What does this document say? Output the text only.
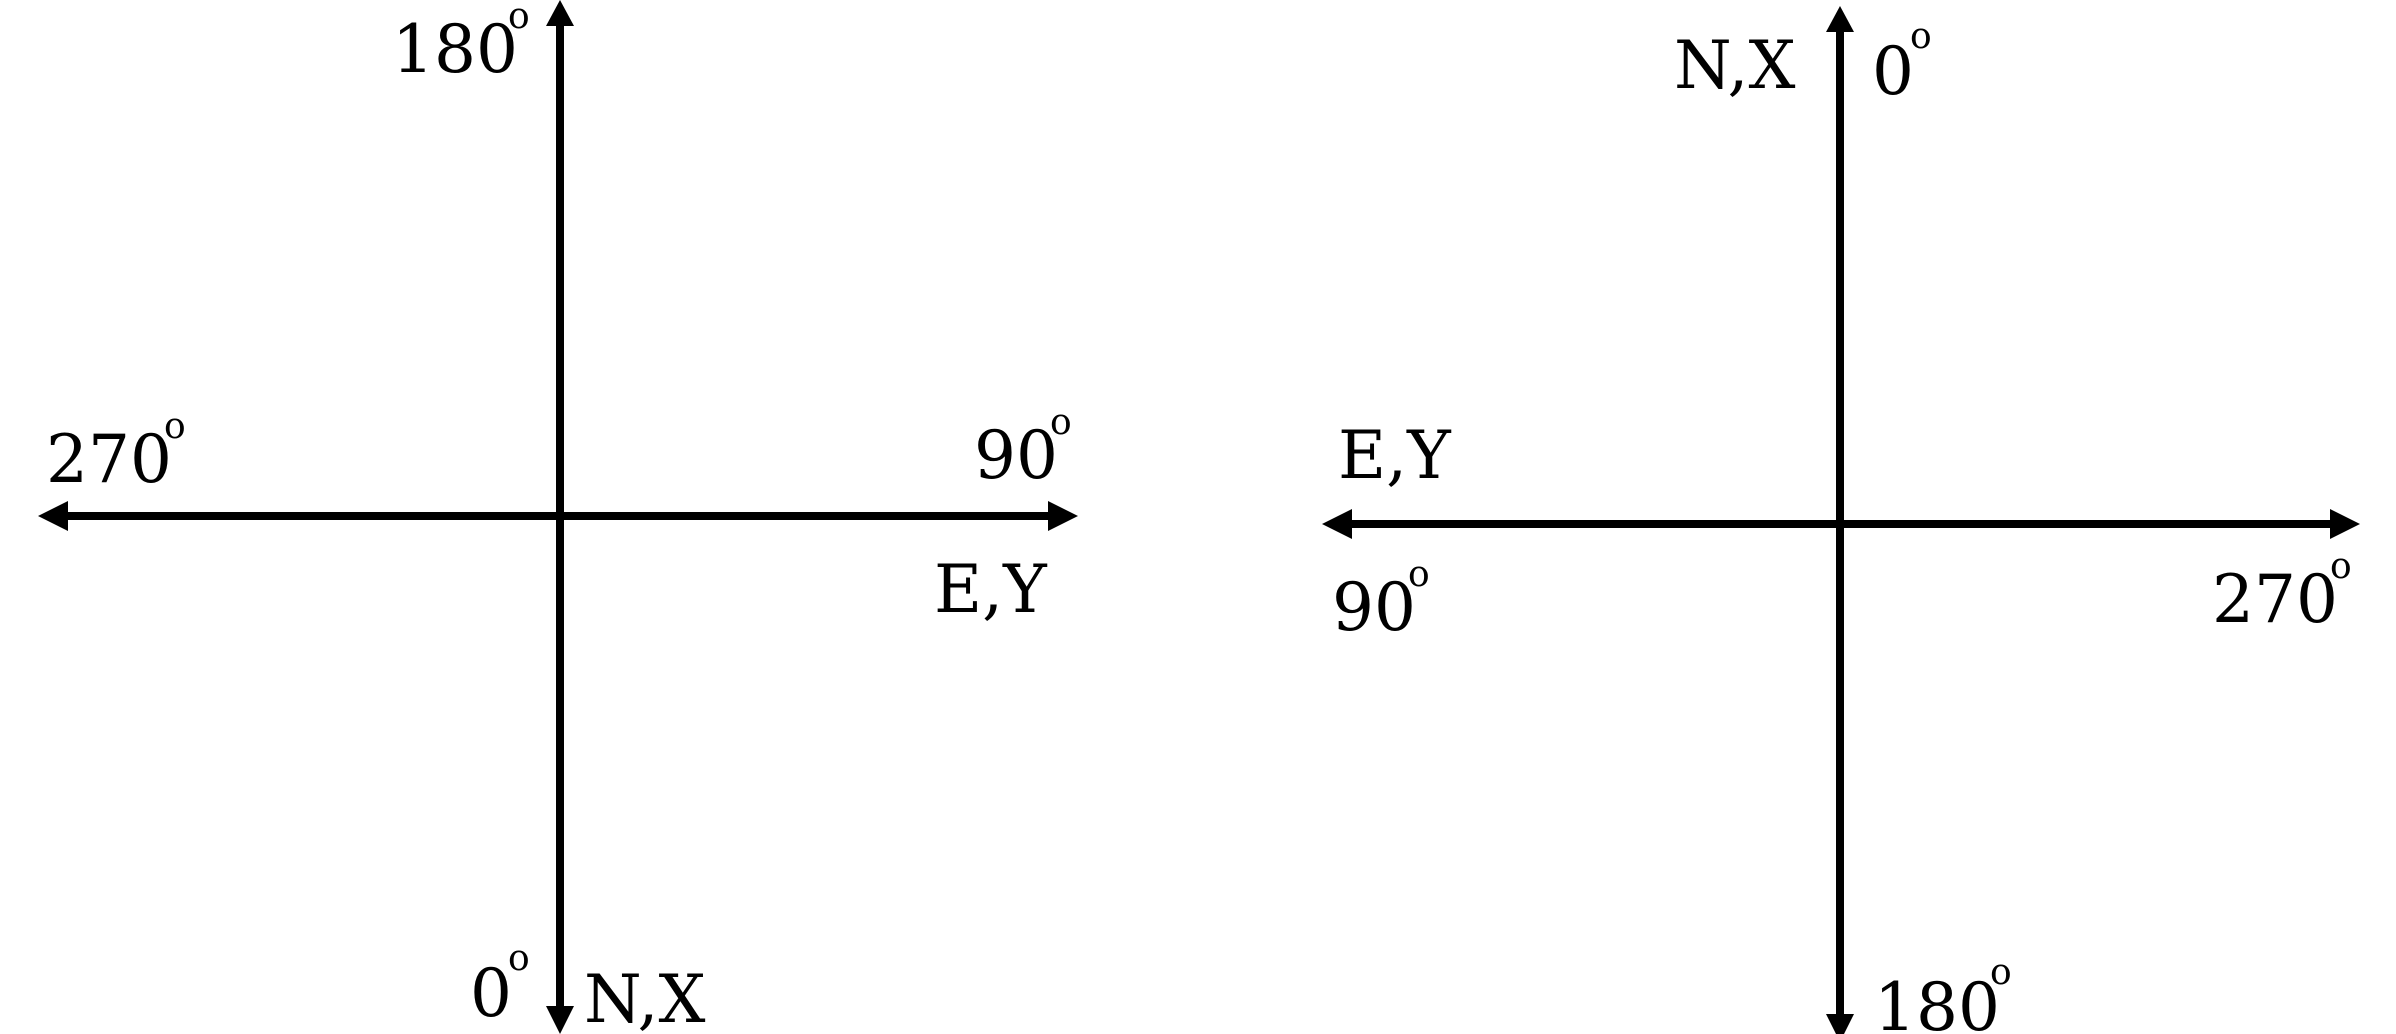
180
o
270
o	90
o
0
o
E,Y
N,X
N,X
E,Y
0
o
90
o	270
o
180
o
